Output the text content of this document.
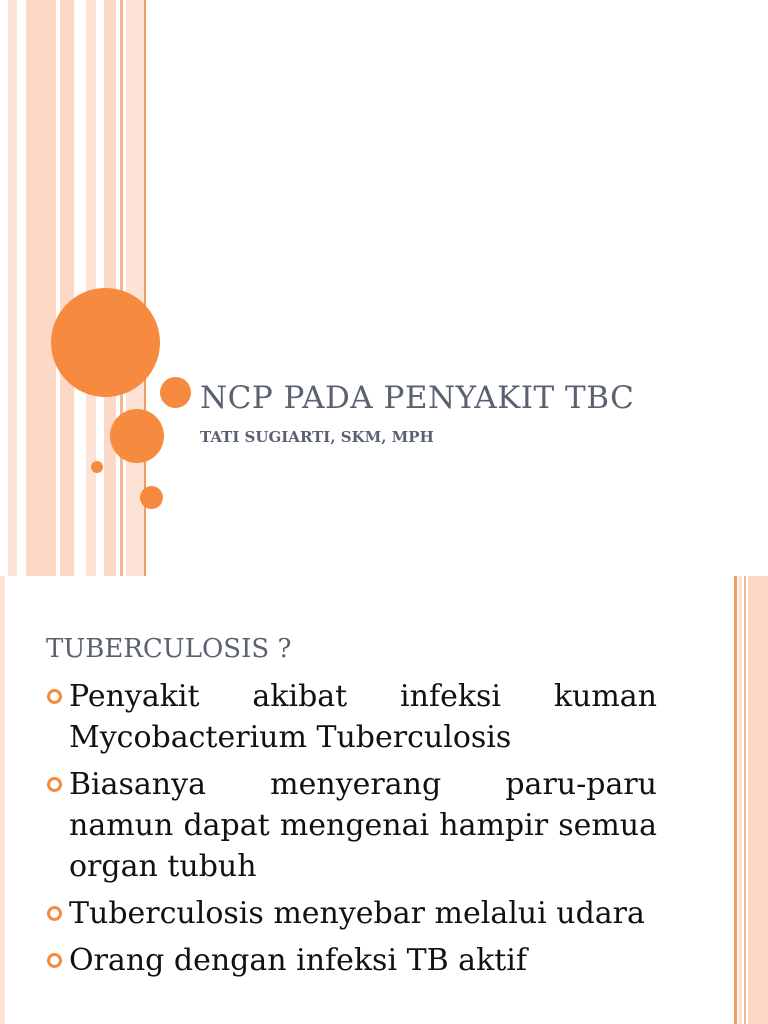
NCP PADA PENYAKIT TBC
TATI SUGIARTI, SKM, MPH
TUBERCULOSIS ?
Penyakit akibat infeksi kuman Mycobacterium Tuberculosis
Biasanya menyerang paru-paru namun dapat mengenai hampir semua organ tubuh
Tuberculosis menyebar melalui udara
Orang dengan infeksi TB aktif
